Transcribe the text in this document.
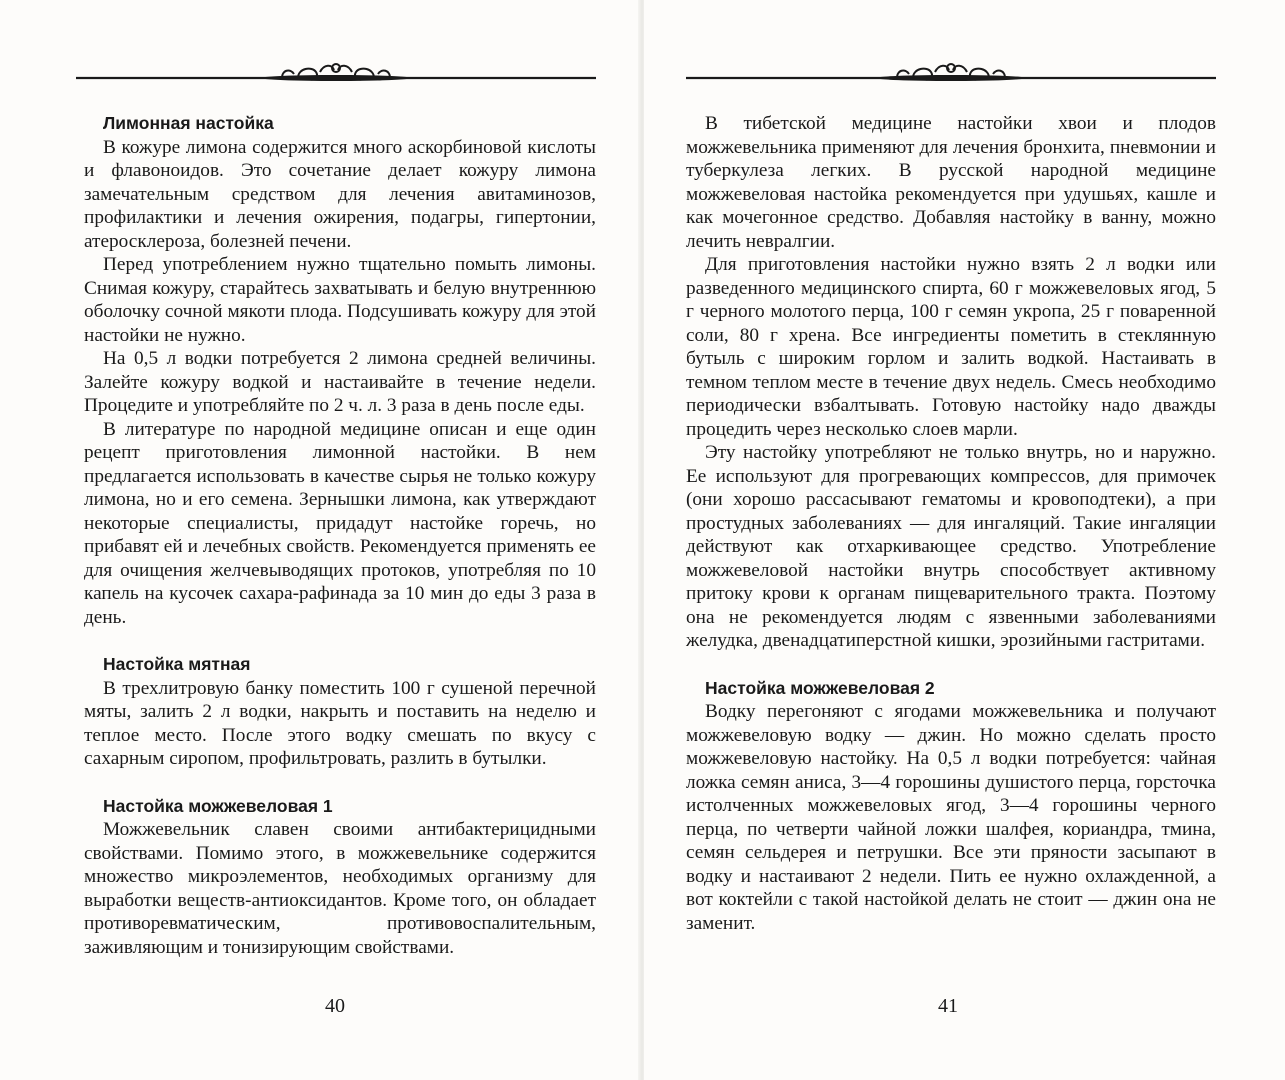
Лимонная настойка

В кожуре лимона содержится много аскорбиновой кислоты и флавоноидов. Это сочетание делает кожуру лимона замечательным средством для лечения авитаминозов, профилактики и лечения ожирения, подагры, гипертонии, атеросклероза, болезней печени.

Перед употреблением нужно тщательно помыть лимоны. Снимая кожуру, старайтесь захватывать и белую внутреннюю оболочку сочной мякоти плода. Подсушивать кожуру для этой настойки не нужно.

На 0,5 л водки потребуется 2 лимона средней величины. Залейте кожуру водкой и настаивайте в течение недели. Процедите и употребляйте по 2 ч. л. 3 раза в день после еды.

В литературе по народной медицине описан и еще один рецепт приготовления лимонной настойки. В нем предлагается использовать в качестве сырья не только кожуру лимона, но и его семена. Зернышки лимона, как утверждают некоторые специалисты, придадут настойке горечь, но прибавят ей и лечебных свойств. Рекомендуется применять ее для очищения желчевыводящих протоков, употребляя по 10 капель на кусочек сахара-рафинада за 10 мин до еды 3 раза в день.

Настойка мятная

В трехлитровую банку поместить 100 г сушеной перечной мяты, залить 2 л водки, накрыть и поставить на неделю и теплое место. После этого водку смешать по вкусу с сахарным сиропом, профильтровать, разлить в бутылки.

Настойка можжевеловая 1

Можжевельник славен своими антибактерицидными свойствами. Помимо этого, в можжевельнике содержится множество микроэлементов, необходимых организму для выработки веществ-антиоксидантов. Кроме того, он обладает противоревматическим, противовоспалительным, заживляющим и тонизирующим свойствами.

40

В тибетской медицине настойки хвои и плодов можжевельника применяют для лечения бронхита, пневмонии и туберкулеза легких. В русской народной медицине можжевеловая настойка рекомендуется при удушьях, кашле и как мочегонное средство. Добавляя настойку в ванну, можно лечить невралгии.

Для приготовления настойки нужно взять 2 л водки или разведенного медицинского спирта, 60 г можжевеловых ягод, 5 г черного молотого перца, 100 г семян укропа, 25 г поваренной соли, 80 г хрена. Все ингредиенты пометить в стеклянную бутыль с широким горлом и залить водкой. Настаивать в темном теплом месте в течение двух недель. Смесь необходимо периодически взбалтывать. Готовую настойку надо дважды процедить через несколько слоев марли.

Эту настойку употребляют не только внутрь, но и наружно. Ее используют для прогревающих компрессов, для примочек (они хорошо рассасывают гематомы и кровоподтеки), а при простудных заболеваниях — для ингаляций. Такие ингаляции действуют как отхаркивающее средство. Употребление можжевеловой настойки внутрь способствует активному притоку крови к органам пищеварительного тракта. Поэтому она не рекомендуется людям с язвенными заболеваниями желудка, двенадцатиперстной кишки, эрозийными гастритами.

Настойка можжевеловая 2

Водку перегоняют с ягодами можжевельника и получают можжевеловую водку — джин. Но можно сделать просто можжевеловую настойку. На 0,5 л водки потребуется: чайная ложка семян аниса, 3—4 горошины душистого перца, горсточка истолченных можжевеловых ягод, 3—4 горошины черного перца, по четверти чайной ложки шалфея, кориандра, тмина, семян сельдерея и петрушки. Все эти пряности засыпают в водку и настаивают 2 недели. Пить ее нужно охлажденной, а вот коктейли с такой настойкой делать не стоит — джин она не заменит.

41
